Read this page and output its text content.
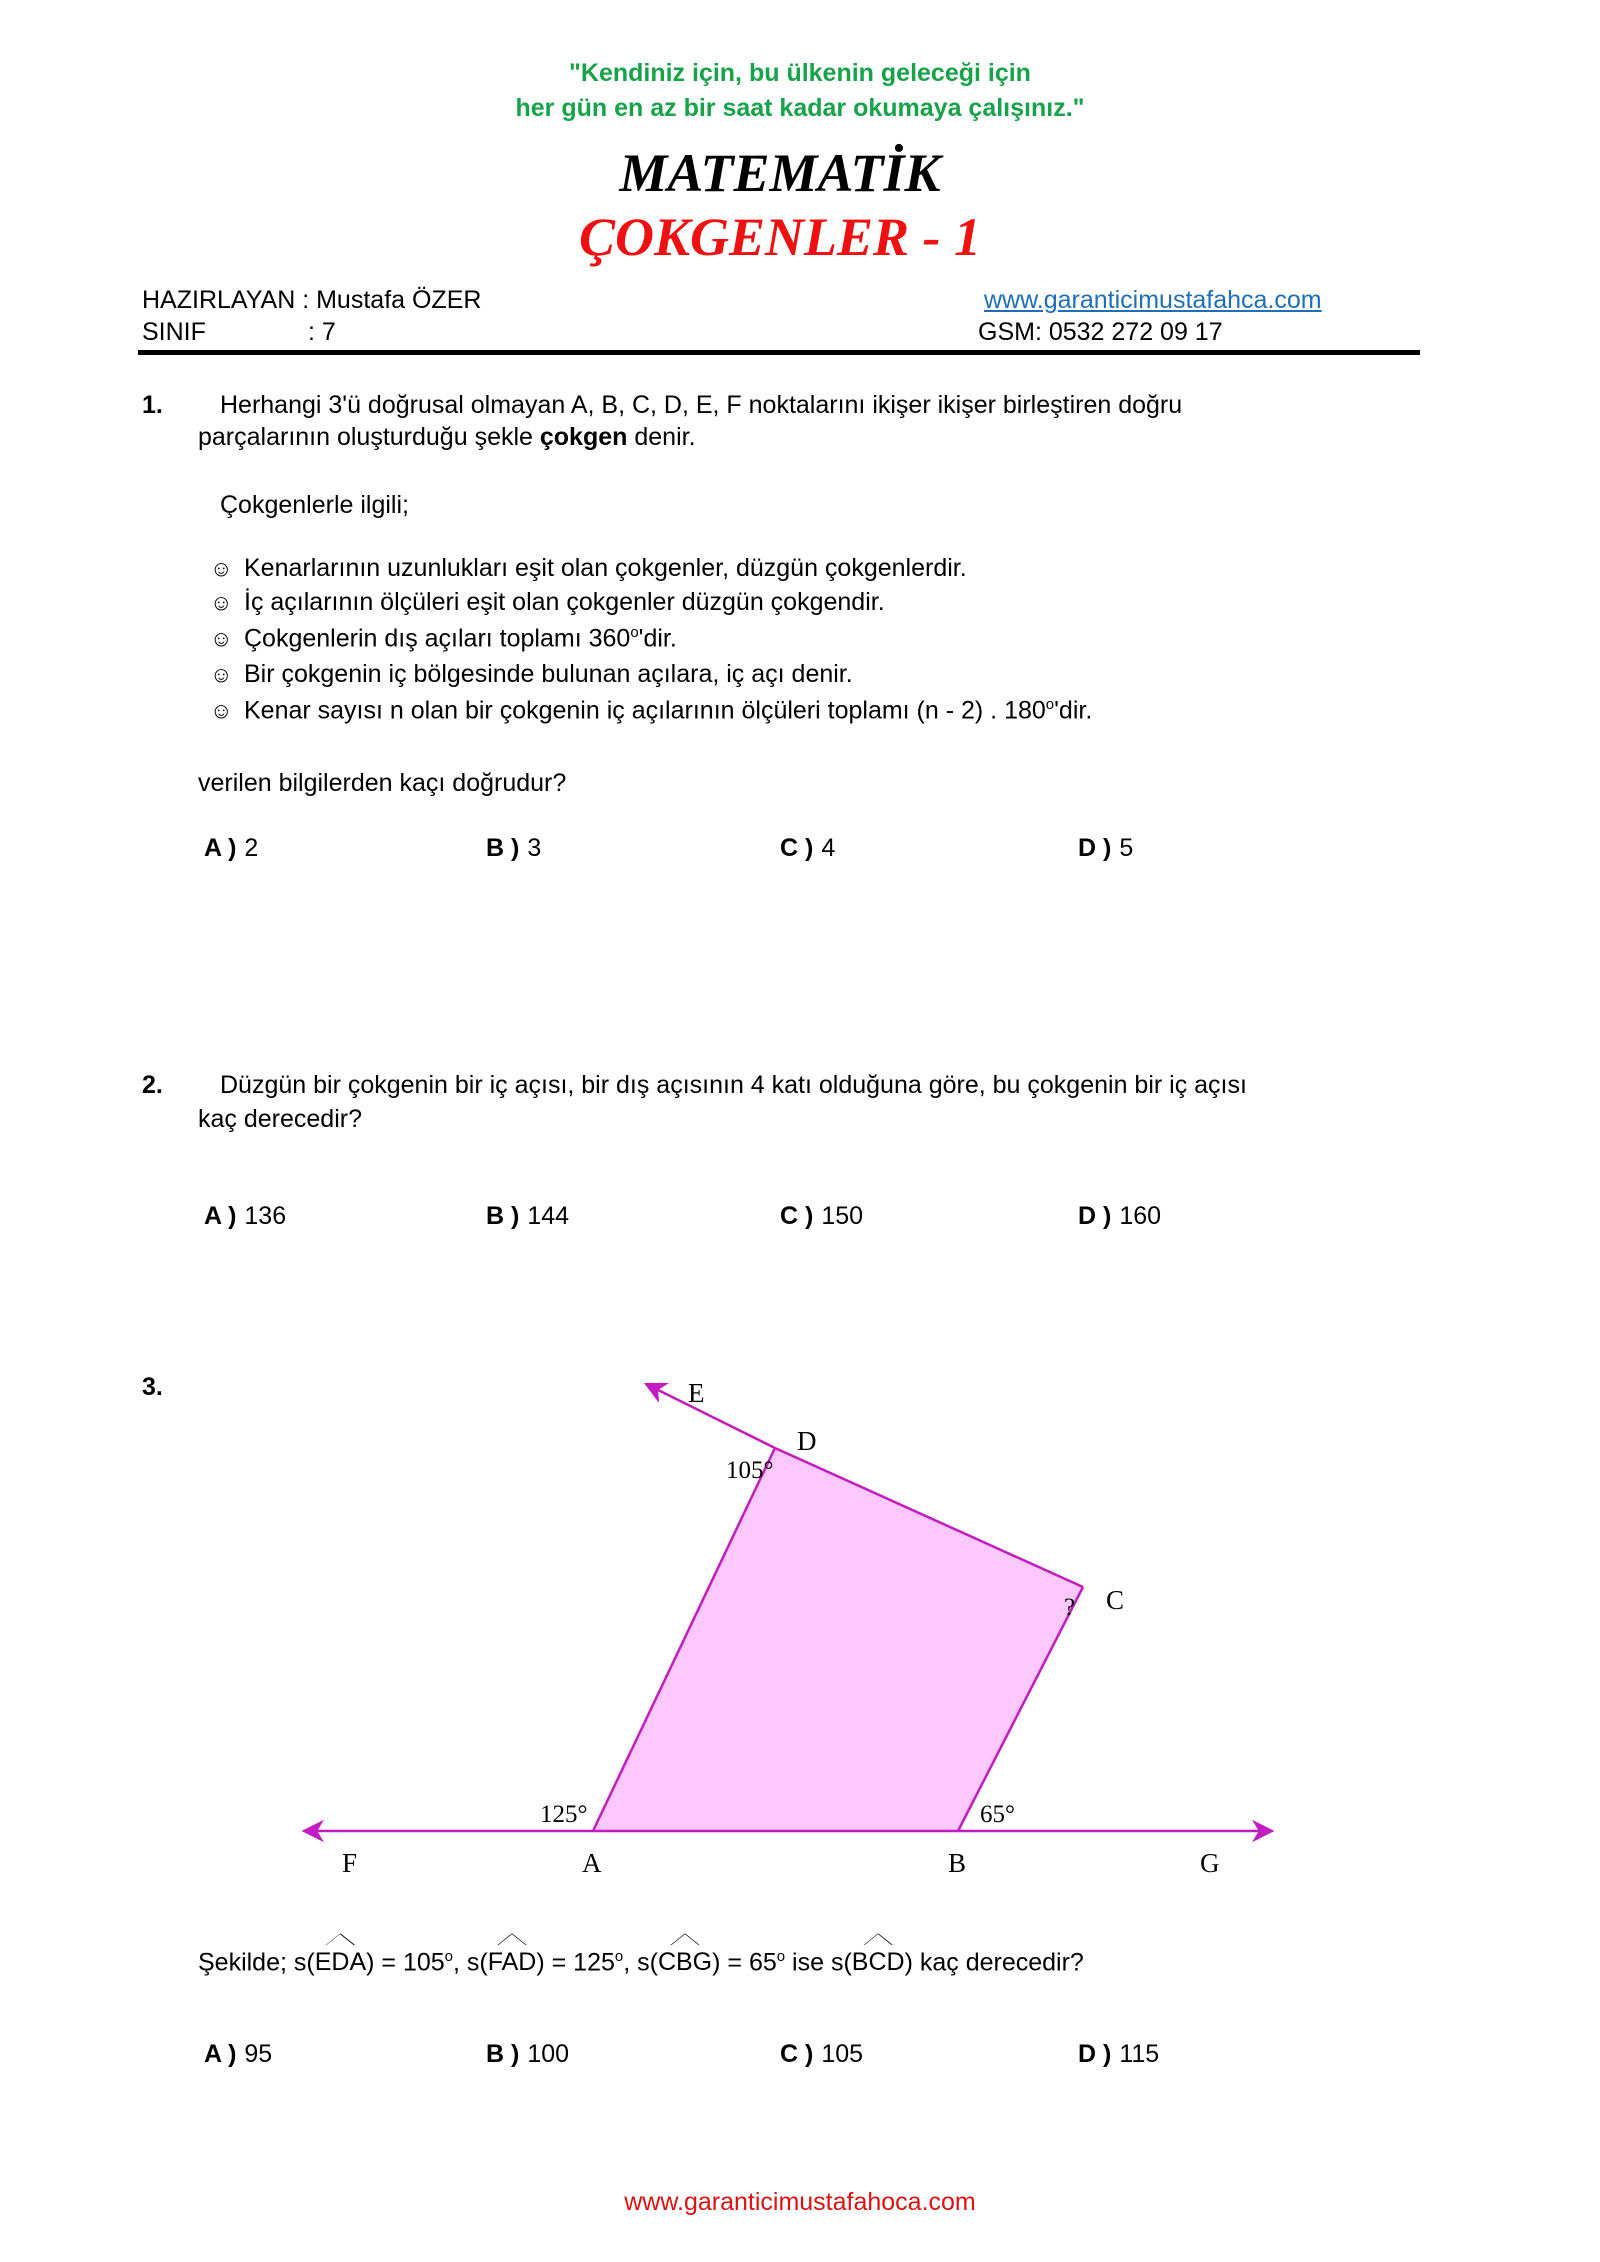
"Kendiniz için, bu ülkenin geleceği için
her gün en az bir saat kadar okumaya çalışınız."
MATEMATİK
ÇOKGENLER - 1
HAZIRLAYAN : Mustafa ÖZER
SINIF	: 7
www.garanticimustafahca.com
GSM: 0532 272 09 17
1. Herhangi 3'ü doğrusal olmayan A, B, C, D, E, F noktalarını ikişer ikişer birleştiren doğru
parçalarının oluşturduğu şekle çokgen denir.
Çokgenlerle ilgili;
☺ Kenarlarının uzunlukları eşit olan çokgenler, düzgün çokgenlerdir.
☺ İç açılarının ölçüleri eşit olan çokgenler düzgün çokgendir.
☺ Çokgenlerin dış açıları toplamı 360$^o$'dir.
☺ Bir çokgenin iç bölgesinde bulunan açılara, iç açı denir.
☺ Kenar sayısı n olan bir çokgenin iç açılarının ölçüleri toplamı (n - 2) . 180$^o$'dir.
verilen bilgilerden kaçı doğrudur?
A ) 2	B ) 3	C ) 4	D ) 5
2. Düzgün bir çokgenin bir iç açısı, bir dış açısının 4 katı olduğuna göre, bu çokgenin bir iç açısı
kaç derecedir?
A ) 136	B ) 144	C ) 150	D ) 160
3.	E
D
105°
C
?
125°	65°
F	A	B	G
Şekilde; $s(EDA) = 105^o$, $s(FAD) = 125^o$, $s(CBG) = 65^o$ ise s(BCD) kaç derecedir?
A ) 95	B ) 100	C ) 105	D ) 115
www.garanticimustafahoca.com
